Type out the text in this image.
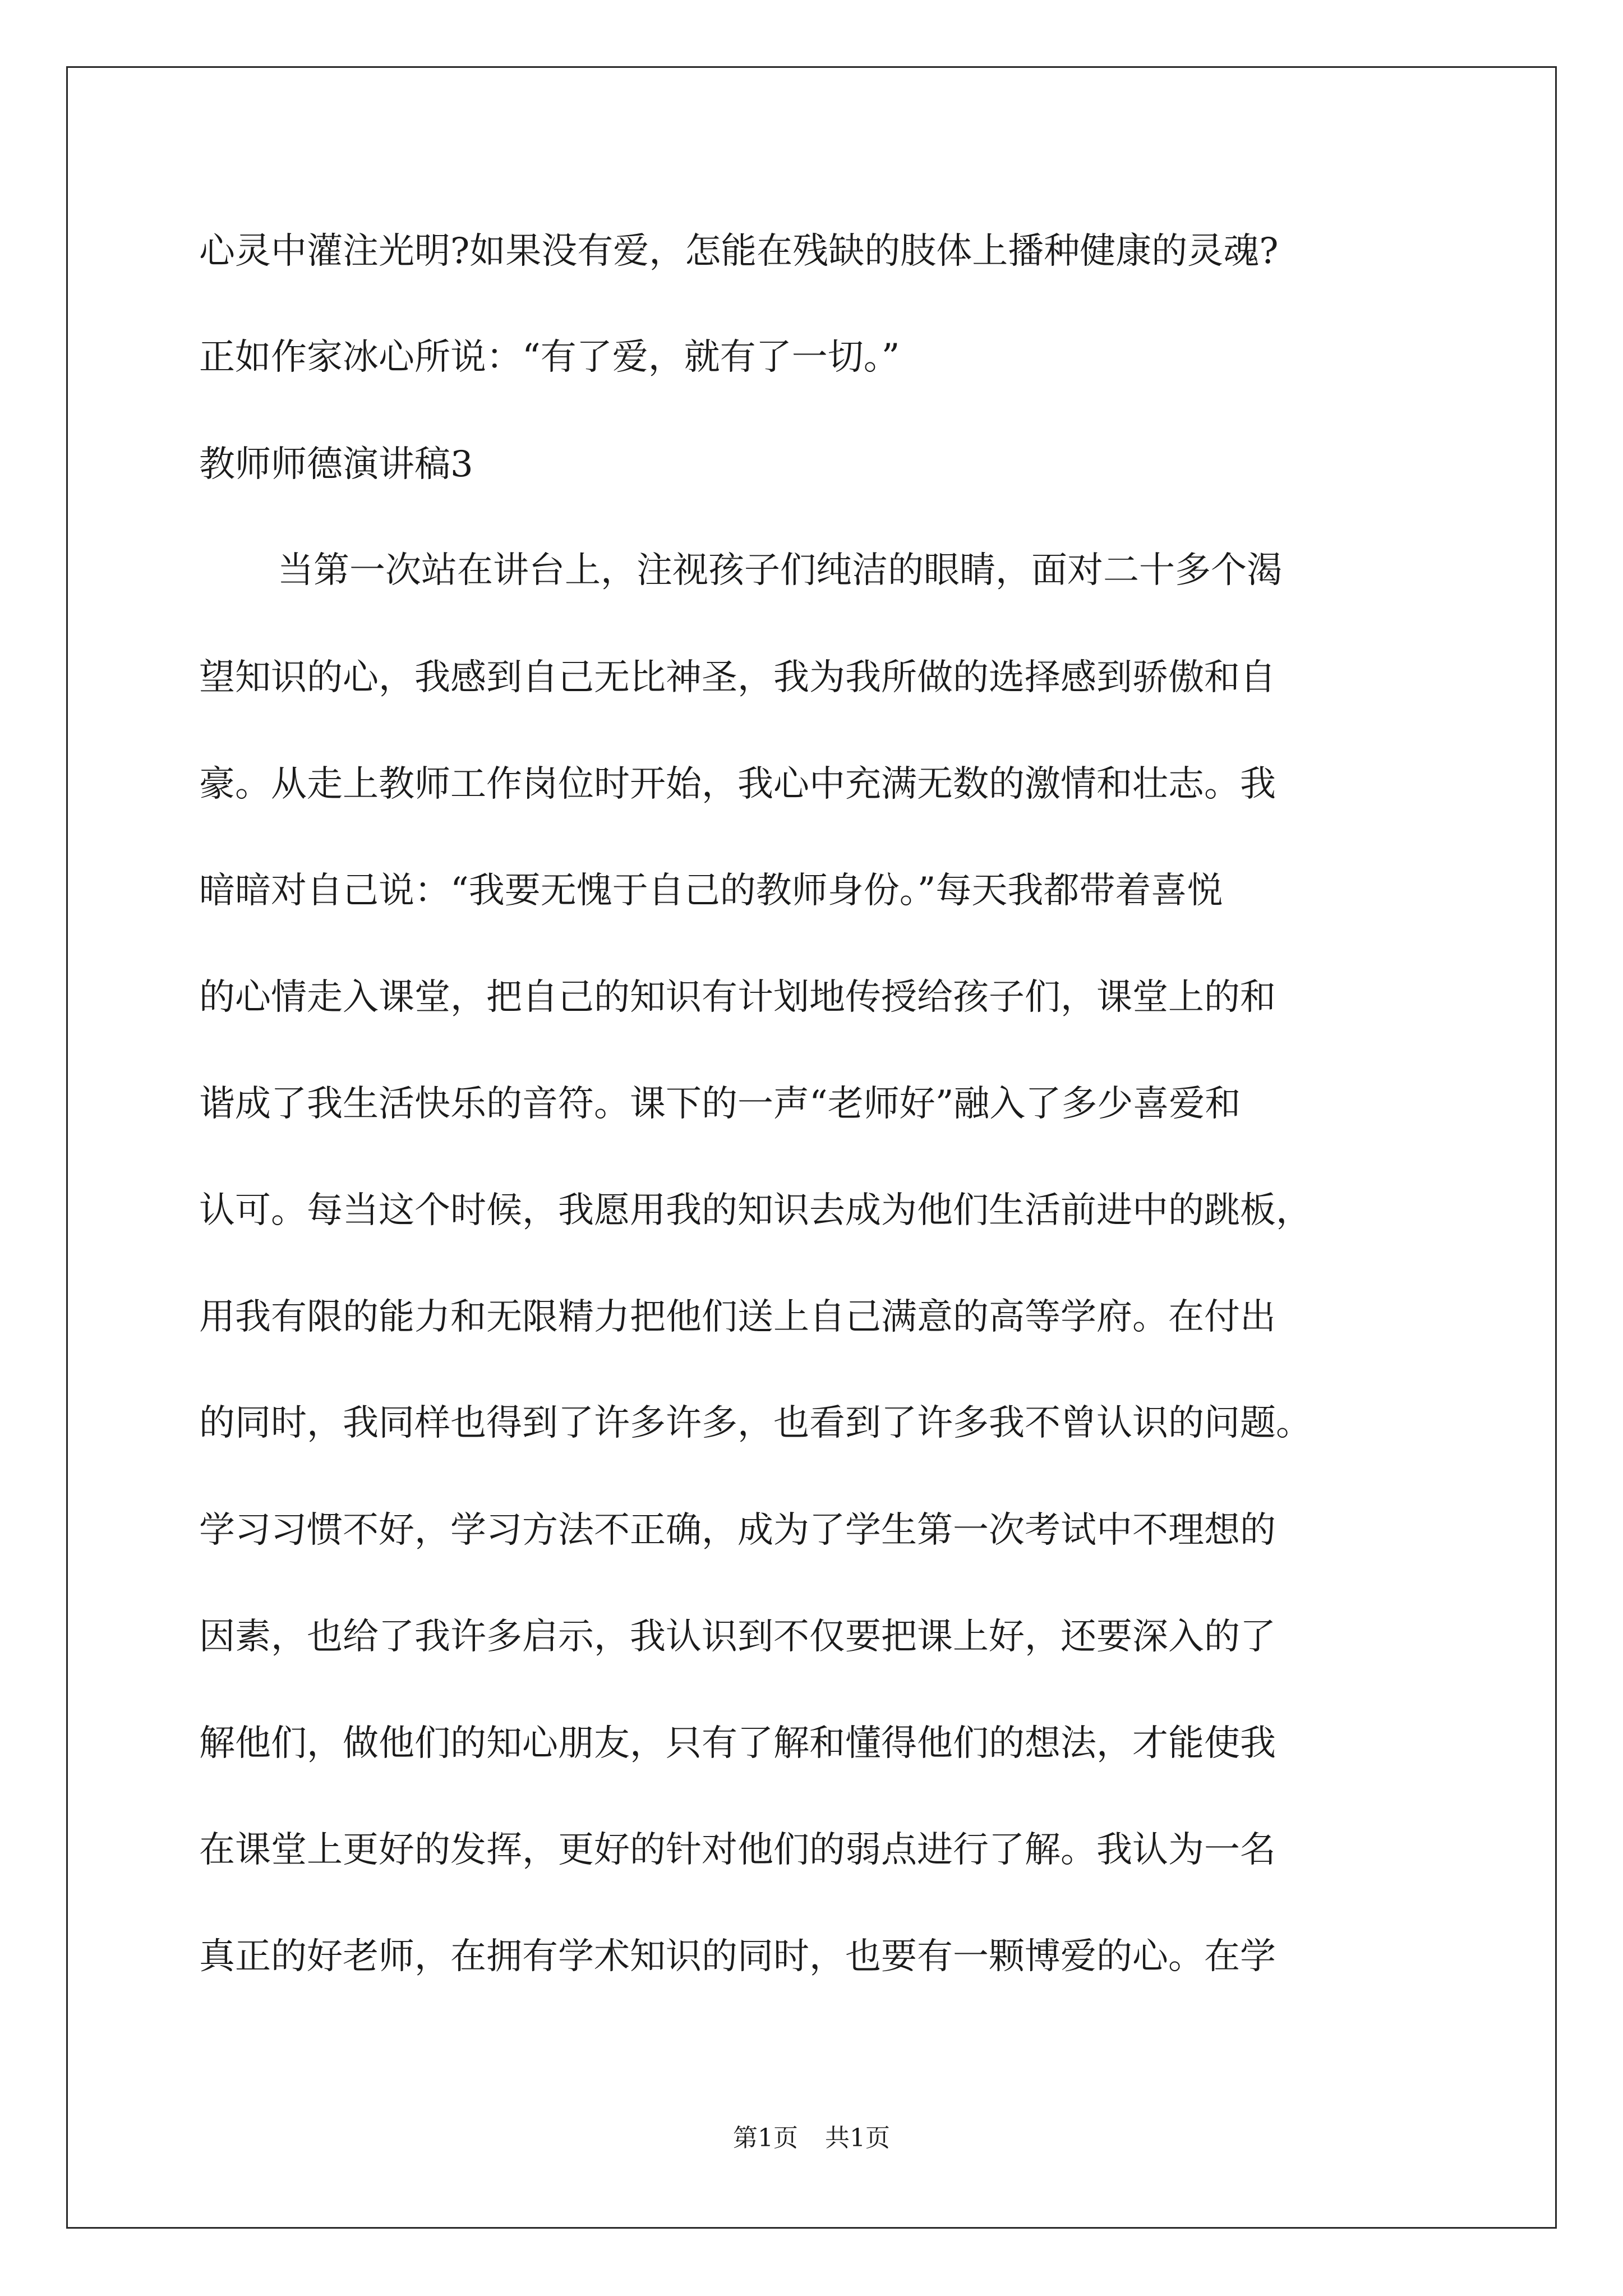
心灵中灌注光明?如果没有爱，怎能在残缺的肢体上播种健康的灵魂?

正如作家冰心所说：“有了爱，就有了一切。”

教师师德演讲稿3

当第一次站在讲台上，注视孩子们纯洁的眼睛，面对二十多个渴

望知识的心，我感到自己无比神圣，我为我所做的选择感到骄傲和自

豪。从走上教师工作岗位时开始，我心中充满无数的激情和壮志。我

暗暗对自己说：“我要无愧于自己的教师身份。”每天我都带着喜悦

的心情走入课堂，把自己的知识有计划地传授给孩子们，课堂上的和

谐成了我生活快乐的音符。课下的一声“老师好”融入了多少喜爱和

认可。每当这个时候，我愿用我的知识去成为他们生活前进中的跳板，

用我有限的能力和无限精力把他们送上自己满意的高等学府。在付出

的同时，我同样也得到了许多许多，也看到了许多我不曾认识的问题。

学习习惯不好，学习方法不正确，成为了学生第一次考试中不理想的

因素，也给了我许多启示，我认识到不仅要把课上好，还要深入的了

解他们，做他们的知心朋友，只有了解和懂得他们的想法，才能使我

在课堂上更好的发挥，更好的针对他们的弱点进行了解。我认为一名

真正的好老师，在拥有学术知识的同时，也要有一颗博爱的心。在学

第1页 共1页
